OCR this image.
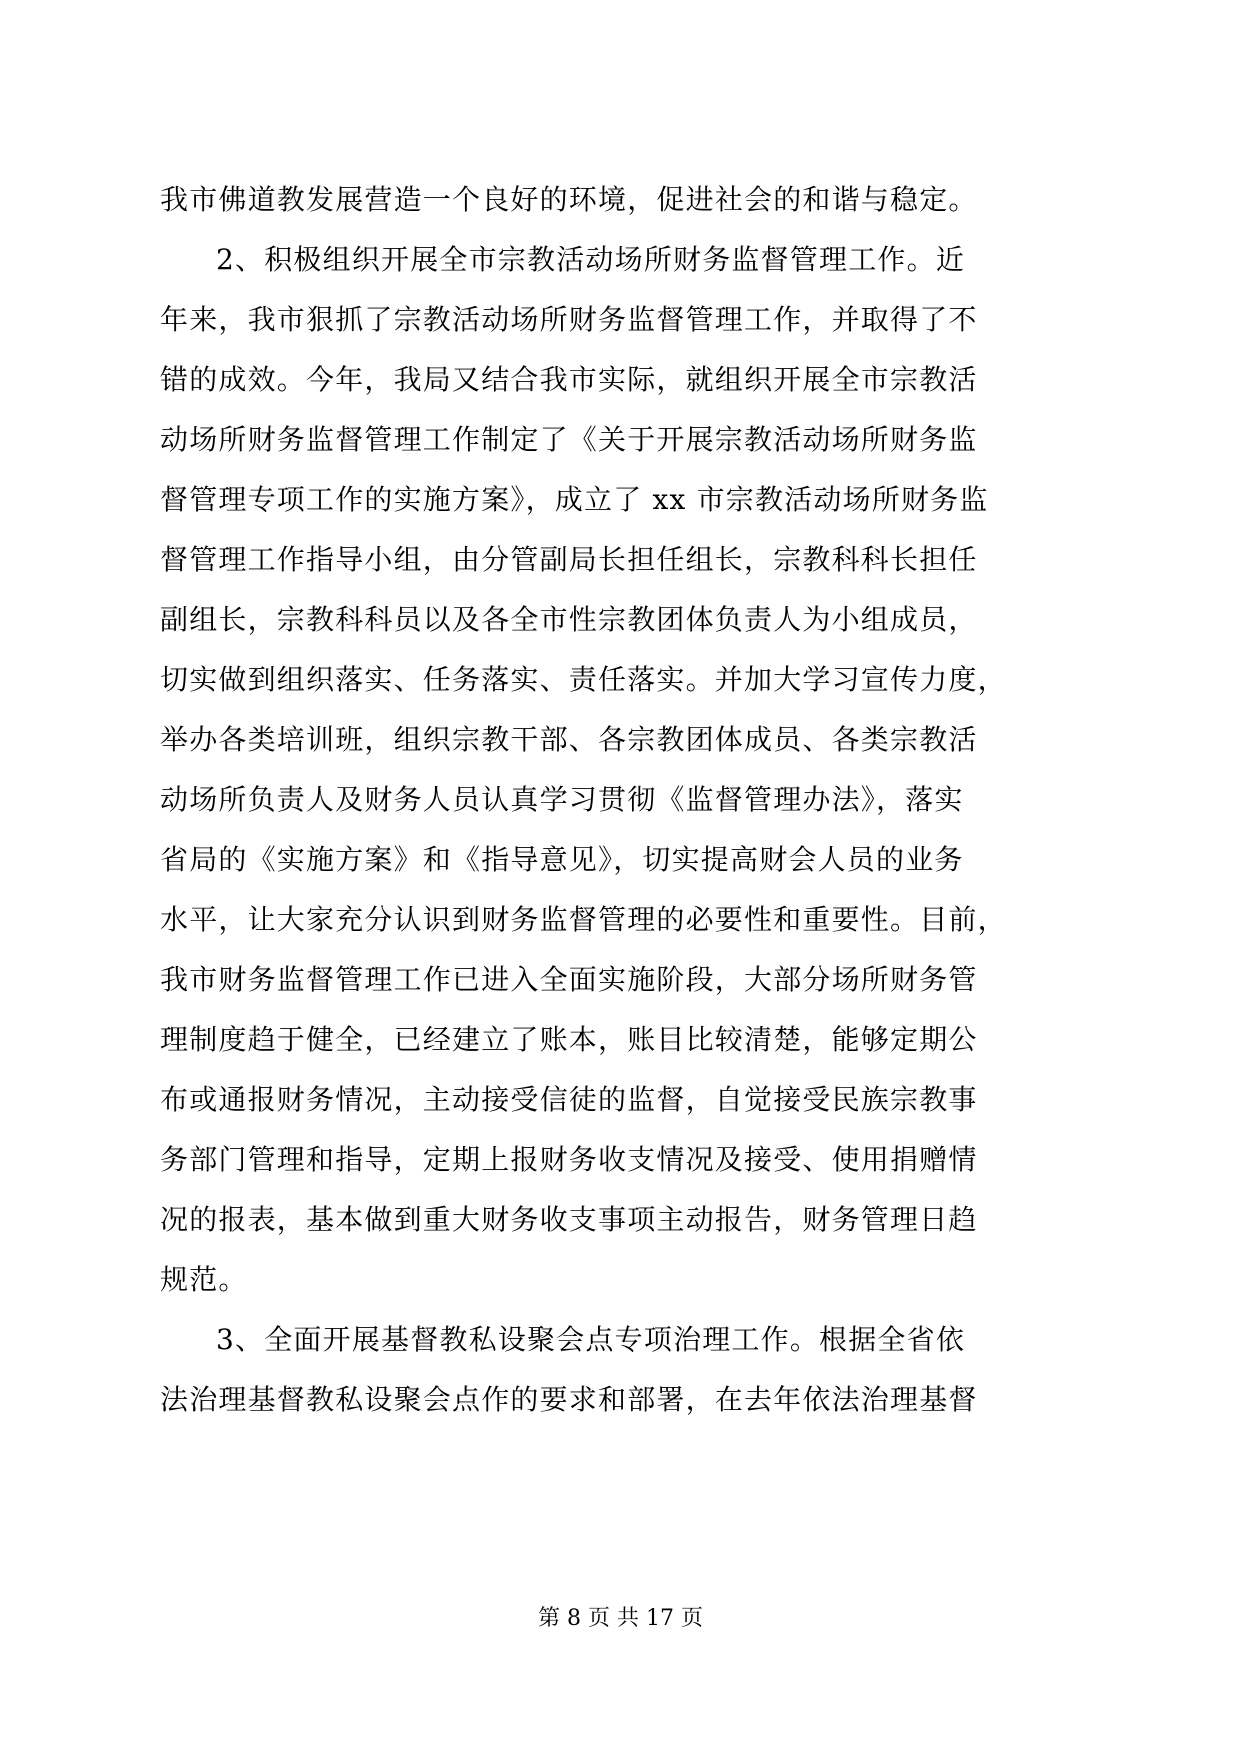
我市佛道教发展营造一个良好的环境，促进社会的和谐与稳定。
2、积极组织开展全市宗教活动场所财务监督管理工作。近
年来，我市狠抓了宗教活动场所财务监督管理工作，并取得了不
错的成效。今年，我局又结合我市实际，就组织开展全市宗教活
动场所财务监督管理工作制定了《关于开展宗教活动场所财务监
督管理专项工作的实施方案》，成立了 xx 市宗教活动场所财务监
督管理工作指导小组，由分管副局长担任组长，宗教科科长担任
副组长，宗教科科员以及各全市性宗教团体负责人为小组成员，
切实做到组织落实、任务落实、责任落实。并加大学习宣传力度，
举办各类培训班，组织宗教干部、各宗教团体成员、各类宗教活
动场所负责人及财务人员认真学习贯彻《监督管理办法》，落实
省局的《实施方案》和《指导意见》，切实提高财会人员的业务
水平，让大家充分认识到财务监督管理的必要性和重要性。目前，
我市财务监督管理工作已进入全面实施阶段，大部分场所财务管
理制度趋于健全，已经建立了账本，账目比较清楚，能够定期公
布或通报财务情况，主动接受信徒的监督，自觉接受民族宗教事
务部门管理和指导，定期上报财务收支情况及接受、使用捐赠情
况的报表，基本做到重大财务收支事项主动报告，财务管理日趋
规范。
3、全面开展基督教私设聚会点专项治理工作。根据全省依
法治理基督教私设聚会点作的要求和部署，在去年依法治理基督
第 8 页 共 17 页
